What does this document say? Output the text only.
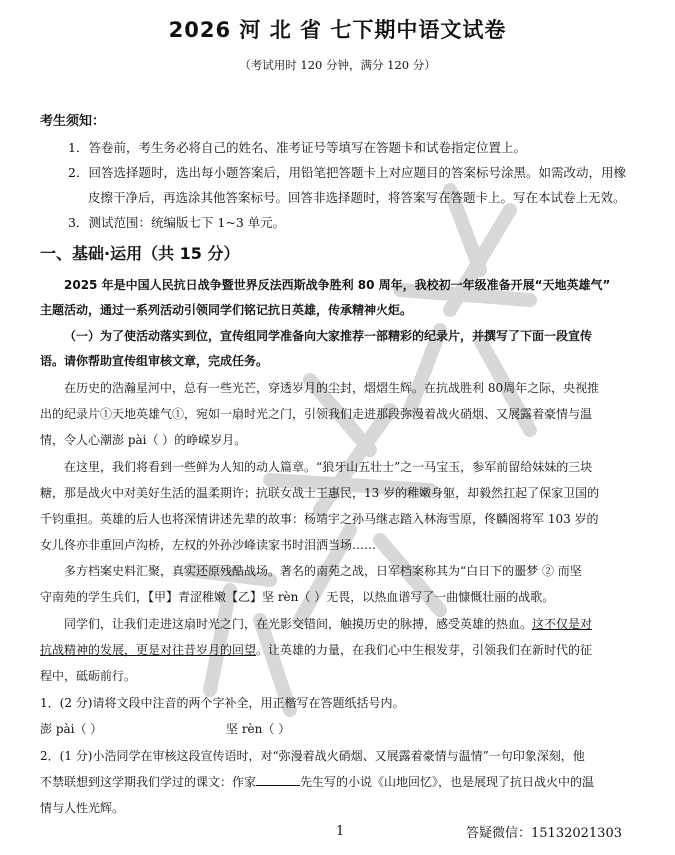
2026 河 北 省 七下期中语文试卷
（考试用时 120 分钟，满分 120 分）
考生须知：
1．答卷前，考生务必将自己的姓名、准考证号等填写在答题卡和试卷指定位置上。
2．回答选择题时，选出每小题答案后，用铅笔把答题卡上对应题目的答案标号涂黑。如需改动，用橡
皮擦干净后，再选涂其他答案标号。回答非选择题时，将答案写在答题卡上。写在本试卷上无效。
3．测试范围：统编版七下 1~3 单元。
一、基础·运用（共 15 分）
2025 年是中国人民抗日战争暨世界反法西斯战争胜利 80 周年，我校初一年级准备开展“天地英雄气”
主题活动，通过一系列活动引领同学们铭记抗日英雄，传承精神火炬。
（一）为了使活动落实到位，宣传组同学准备向大家推荐一部精彩的纪录片，并撰写了下面一段宣传
语。请你帮助宣传组审核文章，完成任务。
在历史的浩瀚星河中，总有一些光芒，穿透岁月的尘封，熠熠生辉。在抗战胜利 80周年之际，央视推
出的纪录片①天地英雄气①，宛如一扇时光之门，引领我们走进那段弥漫着战火硝烟、又展露着豪情与温
情，令人心潮澎 pài（ ）的峥嵘岁月。
在这里，我们将看到一些鲜为人知的动人篇章。“狼牙山五壮士”之一马宝玉，参军前留给妹妹的三块
糖，那是战火中对美好生活的温柔期许；抗联女战士王惠民，13 岁的稚嫩身躯，却毅然扛起了保家卫国的
千钧重担。英雄的后人也将深情讲述先辈的故事：杨靖宇之孙马继志踏入林海雪原，佟麟阁将军 103 岁的
女儿佟亦非重回卢沟桥，左权的外孙沙峰读家书时泪洒当场……
多方档案史料汇聚，真实还原残酷战场。著名的南苑之战，日军档案称其为“白日下的噩梦 ② 而坚
守南苑的学生兵们，【甲】青涩稚嫩【乙】坚 rèn（ ）无畏，以热血谱写了一曲慷慨壮丽的战歌。
同学们，让我们走进这扇时光之门，在光影交错间，触摸历史的脉搏，感受英雄的热血。这不仅是对
抗战精神的发展，更是对往昔岁月的回望。让英雄的力量，在我们心中生根发芽，引领我们在新时代的征
程中，砥砺前行。
1．(2 分)请将文段中注音的两个字补全，用正楷写在答题纸括号内。
澎 pài（ ）	坚 rèn（ ）
2．(1 分)小浩同学在审核这段宣传语时，对“弥漫着战火硝烟、又展露着豪情与温情”一句印象深刻，他
不禁联想到这学期我们学过的课文：作家	先生写的小说《山地回忆》，也是展现了抗日战火中的温
情与人性光辉。
1	答疑微信：15132021303
